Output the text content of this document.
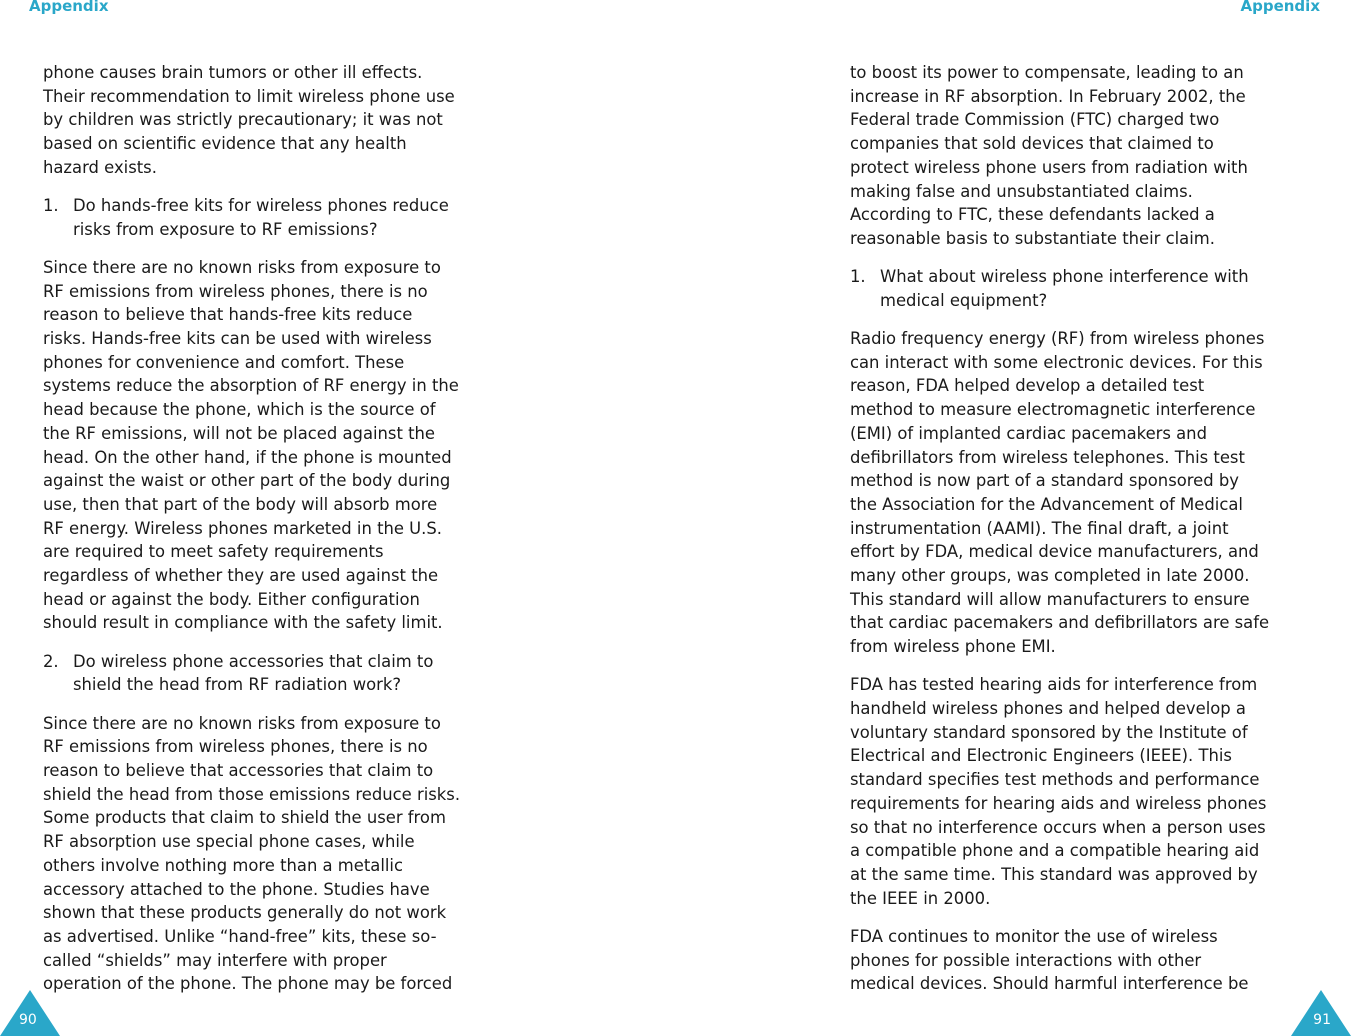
Appendix	Appendix

phone causes brain tumors or other ill effects.
Their recommendation to limit wireless phone use
by children was strictly precautionary; it was not
based on scientific evidence that any health
hazard exists.

1. Do hands-free kits for wireless phones reduce
risks from exposure to RF emissions?

Since there are no known risks from exposure to
RF emissions from wireless phones, there is no
reason to believe that hands-free kits reduce
risks. Hands-free kits can be used with wireless
phones for convenience and comfort. These
systems reduce the absorption of RF energy in the
head because the phone, which is the source of
the RF emissions, will not be placed against the
head. On the other hand, if the phone is mounted
against the waist or other part of the body during
use, then that part of the body will absorb more
RF energy. Wireless phones marketed in the U.S.
are required to meet safety requirements
regardless of whether they are used against the
head or against the body. Either configuration
should result in compliance with the safety limit.

2. Do wireless phone accessories that claim to
shield the head from RF radiation work?

Since there are no known risks from exposure to
RF emissions from wireless phones, there is no
reason to believe that accessories that claim to
shield the head from those emissions reduce risks.
Some products that claim to shield the user from
RF absorption use special phone cases, while
others involve nothing more than a metallic
accessory attached to the phone. Studies have
shown that these products generally do not work
as advertised. Unlike “hand-free” kits, these so-
called “shields” may interfere with proper
operation of the phone. The phone may be forced

to boost its power to compensate, leading to an
increase in RF absorption. In February 2002, the
Federal trade Commission (FTC) charged two
companies that sold devices that claimed to
protect wireless phone users from radiation with
making false and unsubstantiated claims.
According to FTC, these defendants lacked a
reasonable basis to substantiate their claim.

1. What about wireless phone interference with
medical equipment?

Radio frequency energy (RF) from wireless phones
can interact with some electronic devices. For this
reason, FDA helped develop a detailed test
method to measure electromagnetic interference
(EMI) of implanted cardiac pacemakers and
defibrillators from wireless telephones. This test
method is now part of a standard sponsored by
the Association for the Advancement of Medical
instrumentation (AAMI). The final draft, a joint
effort by FDA, medical device manufacturers, and
many other groups, was completed in late 2000.
This standard will allow manufacturers to ensure
that cardiac pacemakers and defibrillators are safe
from wireless phone EMI.

FDA has tested hearing aids for interference from
handheld wireless phones and helped develop a
voluntary standard sponsored by the Institute of
Electrical and Electronic Engineers (IEEE). This
standard specifies test methods and performance
requirements for hearing aids and wireless phones
so that no interference occurs when a person uses
a compatible phone and a compatible hearing aid
at the same time. This standard was approved by
the IEEE in 2000.

FDA continues to monitor the use of wireless
phones for possible interactions with other
medical devices. Should harmful interference be

90	91
